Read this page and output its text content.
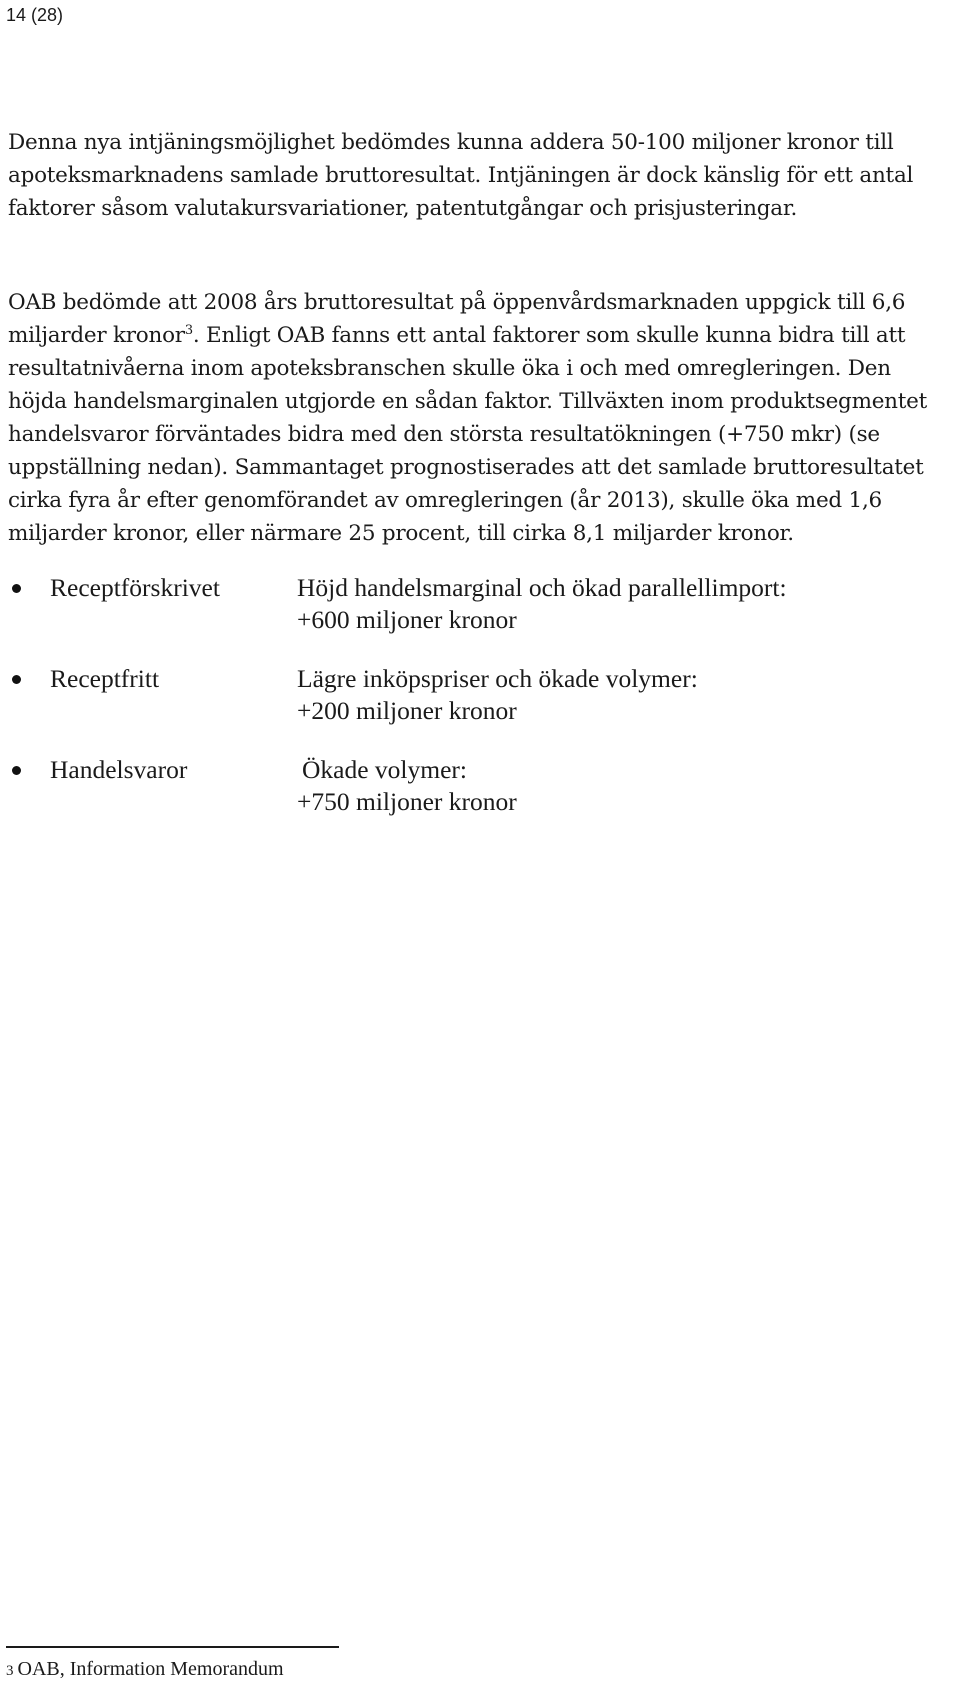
14 (28)

Denna nya intjäningsmöjlighet bedömdes kunna addera 50-100 miljoner kronor till apoteksmarknadens samlade bruttoresultat. Intjäningen är dock känslig för ett antal faktorer såsom valutakursvariationer, patentutgångar och prisjusteringar.

OAB bedömde att 2008 års bruttoresultat på öppenvårdsmarknaden uppgick till 6,6 miljarder kronor$^3$. Enligt OAB fanns ett antal faktorer som skulle kunna bidra till att resultatnivåerna inom apoteksbranschen skulle öka i och med omregleringen. Den höjda handelsmarginalen utgjorde en sådan faktor. Tillväxten inom produktsegmentet handelsvaror förväntades bidra med den största resultatökningen (+750 mkr) (se uppställning nedan). Sammantaget prognostiserades att det samlade bruttoresultatet cirka fyra år efter genomförandet av omregleringen (år 2013), skulle öka med 1,6 miljarder kronor, eller närmare 25 procent, till cirka 8,1 miljarder kronor.

Receptförskrivet	Höjd handelsmarginal och ökad parallellimport:
+600 miljoner kronor
Receptfritt	Lägre inköpspriser och ökade volymer:
+200 miljoner kronor
Handelsvaror	Ökade volymer:
+750 miljoner kronor
3 OAB, Information Memorandum
